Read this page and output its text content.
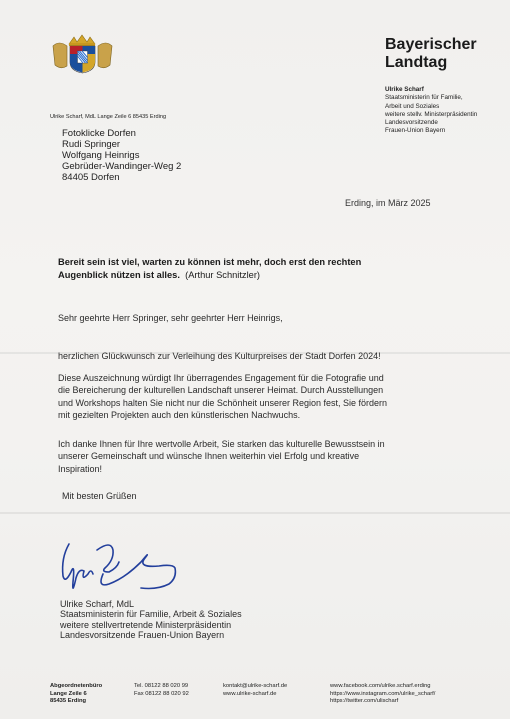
Bayerischer
Landtag
Ulrike Scharf
Staatsministerin für Familie,
Arbeit und Soziales
weitere stellv. Ministerpräsidentin
Landesvorsitzende
Frauen-Union Bayern
Ulrike Scharf, MdL Lange Zeile 6 85435 Erding
Fotoklicke Dorfen
Rudi Springer
Wolfgang Heinrigs
Gebrüder-Wandinger-Weg 2
84405 Dorfen
Erding, im März 2025
Bereit sein ist viel, warten zu können ist mehr, doch erst den rechten
Augenblick nützen ist alles. (Arthur Schnitzler)
Sehr geehrte Herr Springer, sehr geehrter Herr Heinrigs,
herzlichen Glückwunsch zur Verleihung des Kulturpreises der Stadt Dorfen 2024!
Diese Auszeichnung würdigt Ihr überragendes Engagement für die Fotografie und
die Bereicherung der kulturellen Landschaft unserer Heimat. Durch Ausstellungen
und Workshops halten Sie nicht nur die Schönheit unserer Region fest, Sie fördern
mit gezielten Projekten auch den künstlerischen Nachwuchs.
Ich danke Ihnen für Ihre wertvolle Arbeit, Sie starken das kulturelle Bewusstsein in
unserer Gemeinschaft und wünsche Ihnen weiterhin viel Erfolg und kreative
Inspiration!
Mit besten Grüßen
Ulrike Scharf, MdL
Staatsministerin für Familie, Arbeit & Soziales
weitere stellvertretende Ministerpräsidentin
Landesvorsitzende Frauen-Union Bayern
Abgeordnetenbüro
Lange Zeile 6
85435 Erding
Tel. 08122 88 020 99
Fax 08122 88 020 92
kontakt@ulrike-scharf.de
www.ulrike-scharf.de
www.facebook.com/ulrike.scharf.erding
https://www.instagram.com/ulrike_scharf/
https://twitter.com/ulischarf
